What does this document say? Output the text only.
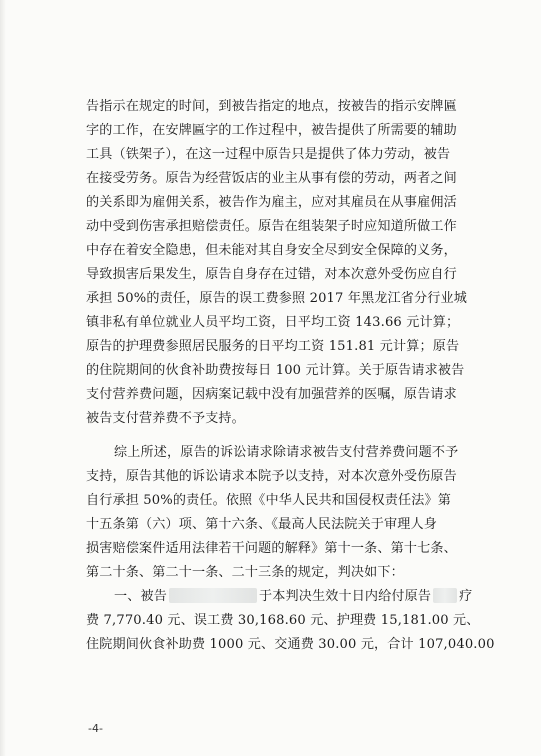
告指示在规定的时间，到被告指定的地点，按被告的指示安牌匾
字的工作，在安牌匾字的工作过程中，被告提供了所需要的辅助
工具（铁架子），在这一过程中原告只是提供了体力劳动，被告
在接受劳务。原告为经营饭店的业主从事有偿的劳动，两者之间
的关系即为雇佣关系，被告作为雇主，应对其雇员在从事雇佣活
动中受到伤害承担赔偿责任。原告在组装架子时应知道所做工作
中存在着安全隐患，但未能对其自身安全尽到安全保障的义务，
导致损害后果发生，原告自身存在过错，对本次意外受伤应自行
承担 50%的责任，原告的误工费参照 2017 年黑龙江省分行业城
镇非私有单位就业人员平均工资，日平均工资 143.66 元计算；
原告的护理费参照居民服务的日平均工资 151.81 元计算；原告
的住院期间的伙食补助费按每日 100 元计算。关于原告请求被告
支付营养费问题，因病案记载中没有加强营养的医嘱，原告请求
被告支付营养费不予支持。
综上所述，原告的诉讼请求除请求被告支付营养费问题不予
支持，原告其他的诉讼请求本院予以支持，对本次意外受伤原告
自行承担 50%的责任。依照《中华人民共和国侵权责任法》第
十五条第（六）项、第十六条、《最高人民法院关于审理人身
损害赔偿案件适用法律若干问题的解释》第十一条、第十七条、
第二十条、第二十一条、二十三条的规定，判决如下：
一、被告	于本判决生效十日内给付原告 疗
费 7,770.40 元、误工费 30,168.60 元、护理费 15,181.00 元、
住院期间伙食补助费 1000 元、交通费 30.00 元，合计 107,040.00
-4-
